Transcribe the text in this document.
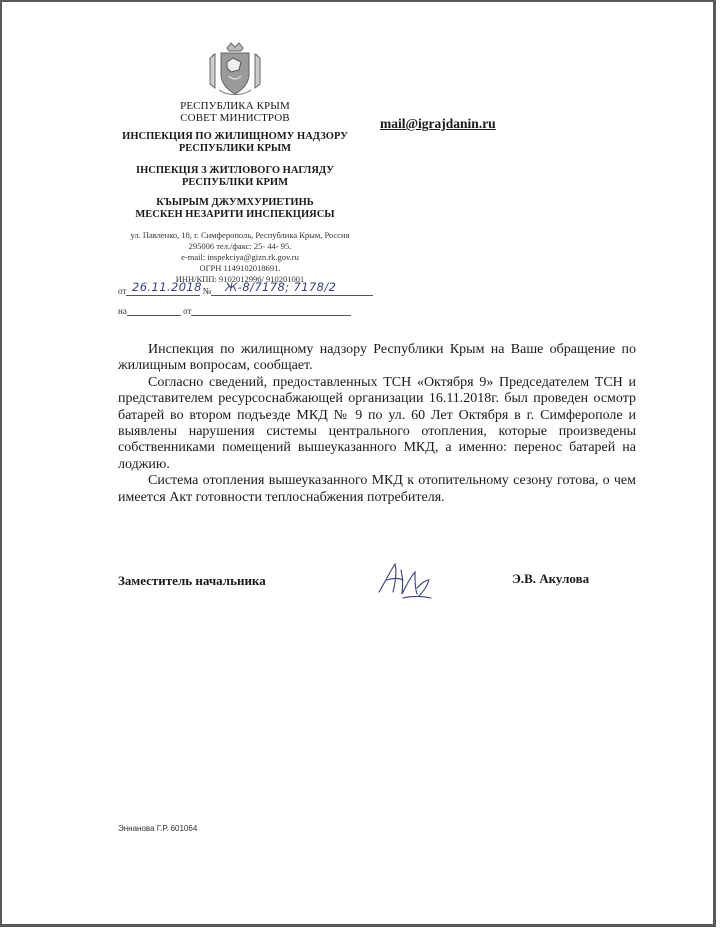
РЕСПУБЛИКА КРЫМ
СОВЕТ МИНИСТРОВ
ИНСПЕКЦИЯ ПО ЖИЛИЩНОМУ НАДЗОРУ
РЕСПУБЛИКИ КРЫМ
ІНСПЕКЦІЯ З ЖИТЛОВОГО НАГЛЯДУ
РЕСПУБЛІКИ КРИМ
КЪЫРЫМ ДЖУМХУРИЕТИНЬ
МЕСКЕН НЕЗАРИТИ ИНСПЕКЦИЯСЫ
ул. Павленко, 18, г. Симферополь, Республика Крым, Россия
295006 тел./факс: 25- 44- 95.
e-mail: inspekciya@gizn.rk.gov.ru
ОГРН 1149102018691.
ИНН/КПП: 9102012996/ 910201001
mail@igrajdanin.ru
от	№
26.11.2018 Ж-8/7178; 7178/2
на	от

Инспекция по жилищному надзору Республики Крым на Ваше обращение по жилищным вопросам, сообщает.

Согласно сведений, предоставленных ТСН «Октября 9» Председателем ТСН и представителем ресурсоснабжающей организации 16.11.2018г. был проведен осмотр батарей во втором подъезде МКД № 9 по ул. 60 Лет Октября в г. Симферополе и выявлены нарушения системы центрального отопления, которые произведены собственниками помещений вышеуказанного МКД, а именно: перенос батарей на лоджию.

Система отопления вышеуказанного МКД к отопительному сезону готова, о чем имеется Акт готовности теплоснабжения потребителя.

Заместитель начальника	Э.В. Акулова
Эннанова Г.Р. 601064
